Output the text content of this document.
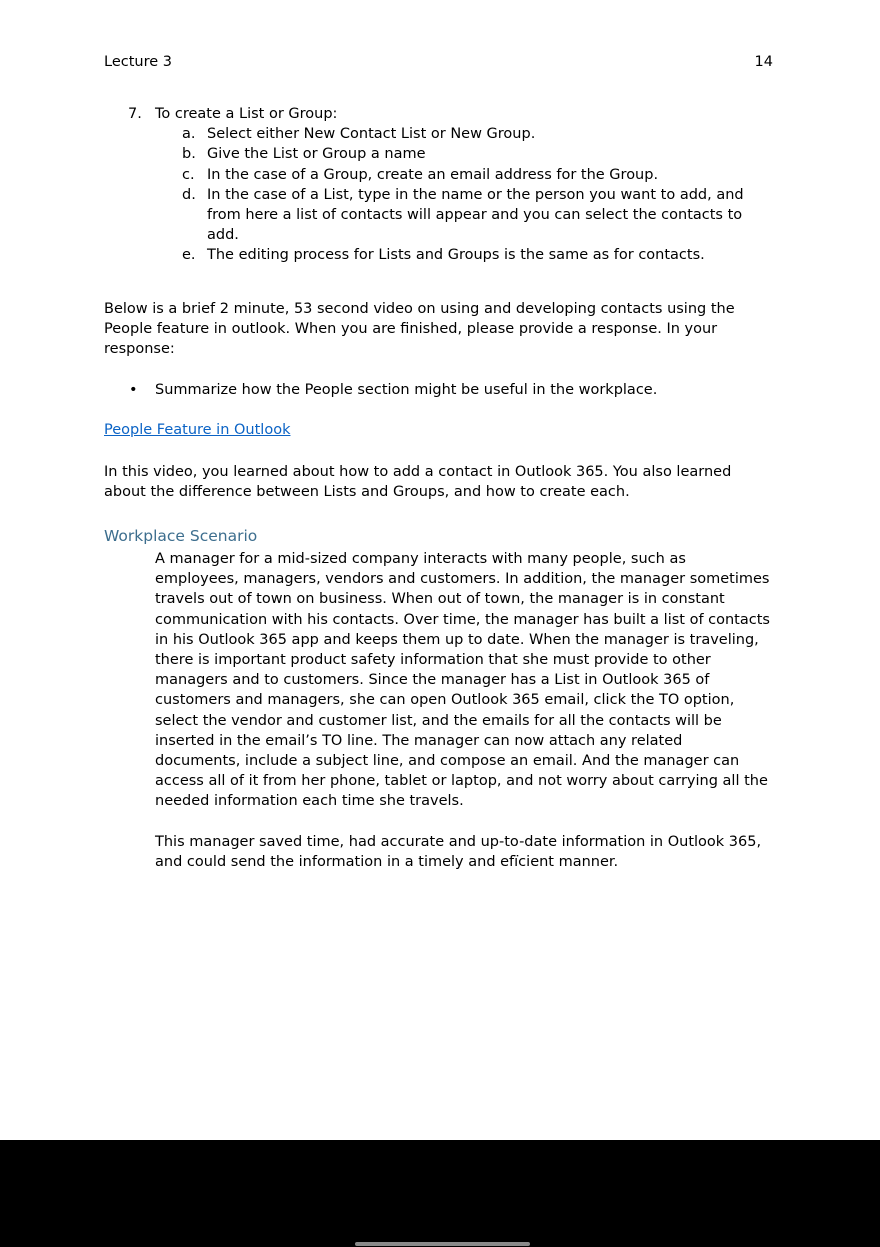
Lecture 3	14
7. To create a List or Group:
a. Select either New Contact List or New Group.
b. Give the List or Group a name
c. In the case of a Group, create an email address for the Group.
d. In the case of a List, type in the name or the person you want to add, and from here a list of contacts will appear and you can select the contacts to add.
e. The editing process for Lists and Groups is the same as for contacts.

Below is a brief 2 minute, 53 second video on using and developing contacts using the People feature in outlook. When you are finished, please provide a response. In your response:

•	Summarize how the People section might be useful in the workplace.

People Feature in Outlook

In this video, you learned about how to add a contact in Outlook 365. You also learned about the difference between Lists and Groups, and how to create each.

Workplace Scenario

A manager for a mid-sized company interacts with many people, such as employees, managers, vendors and customers. In addition, the manager sometimes travels out of town on business. When out of town, the manager is in constant communication with his contacts. Over time, the manager has built a list of contacts in his Outlook 365 app and keeps them up to date. When the manager is traveling, there is important product safety information that she must provide to other managers and to customers. Since the manager has a List in Outlook 365 of customers and managers, she can open Outlook 365 email, click the TO option, select the vendor and customer list, and the emails for all the contacts will be inserted in the email’s TO line. The manager can now attach any related documents, include a subject line, and compose an email. And the manager can access all of it from her phone, tablet or laptop, and not worry about carrying all the needed information each time she travels.

This manager saved time, had accurate and up-to-date information in Outlook 365, and could send the information in a timely and efïcient manner.
